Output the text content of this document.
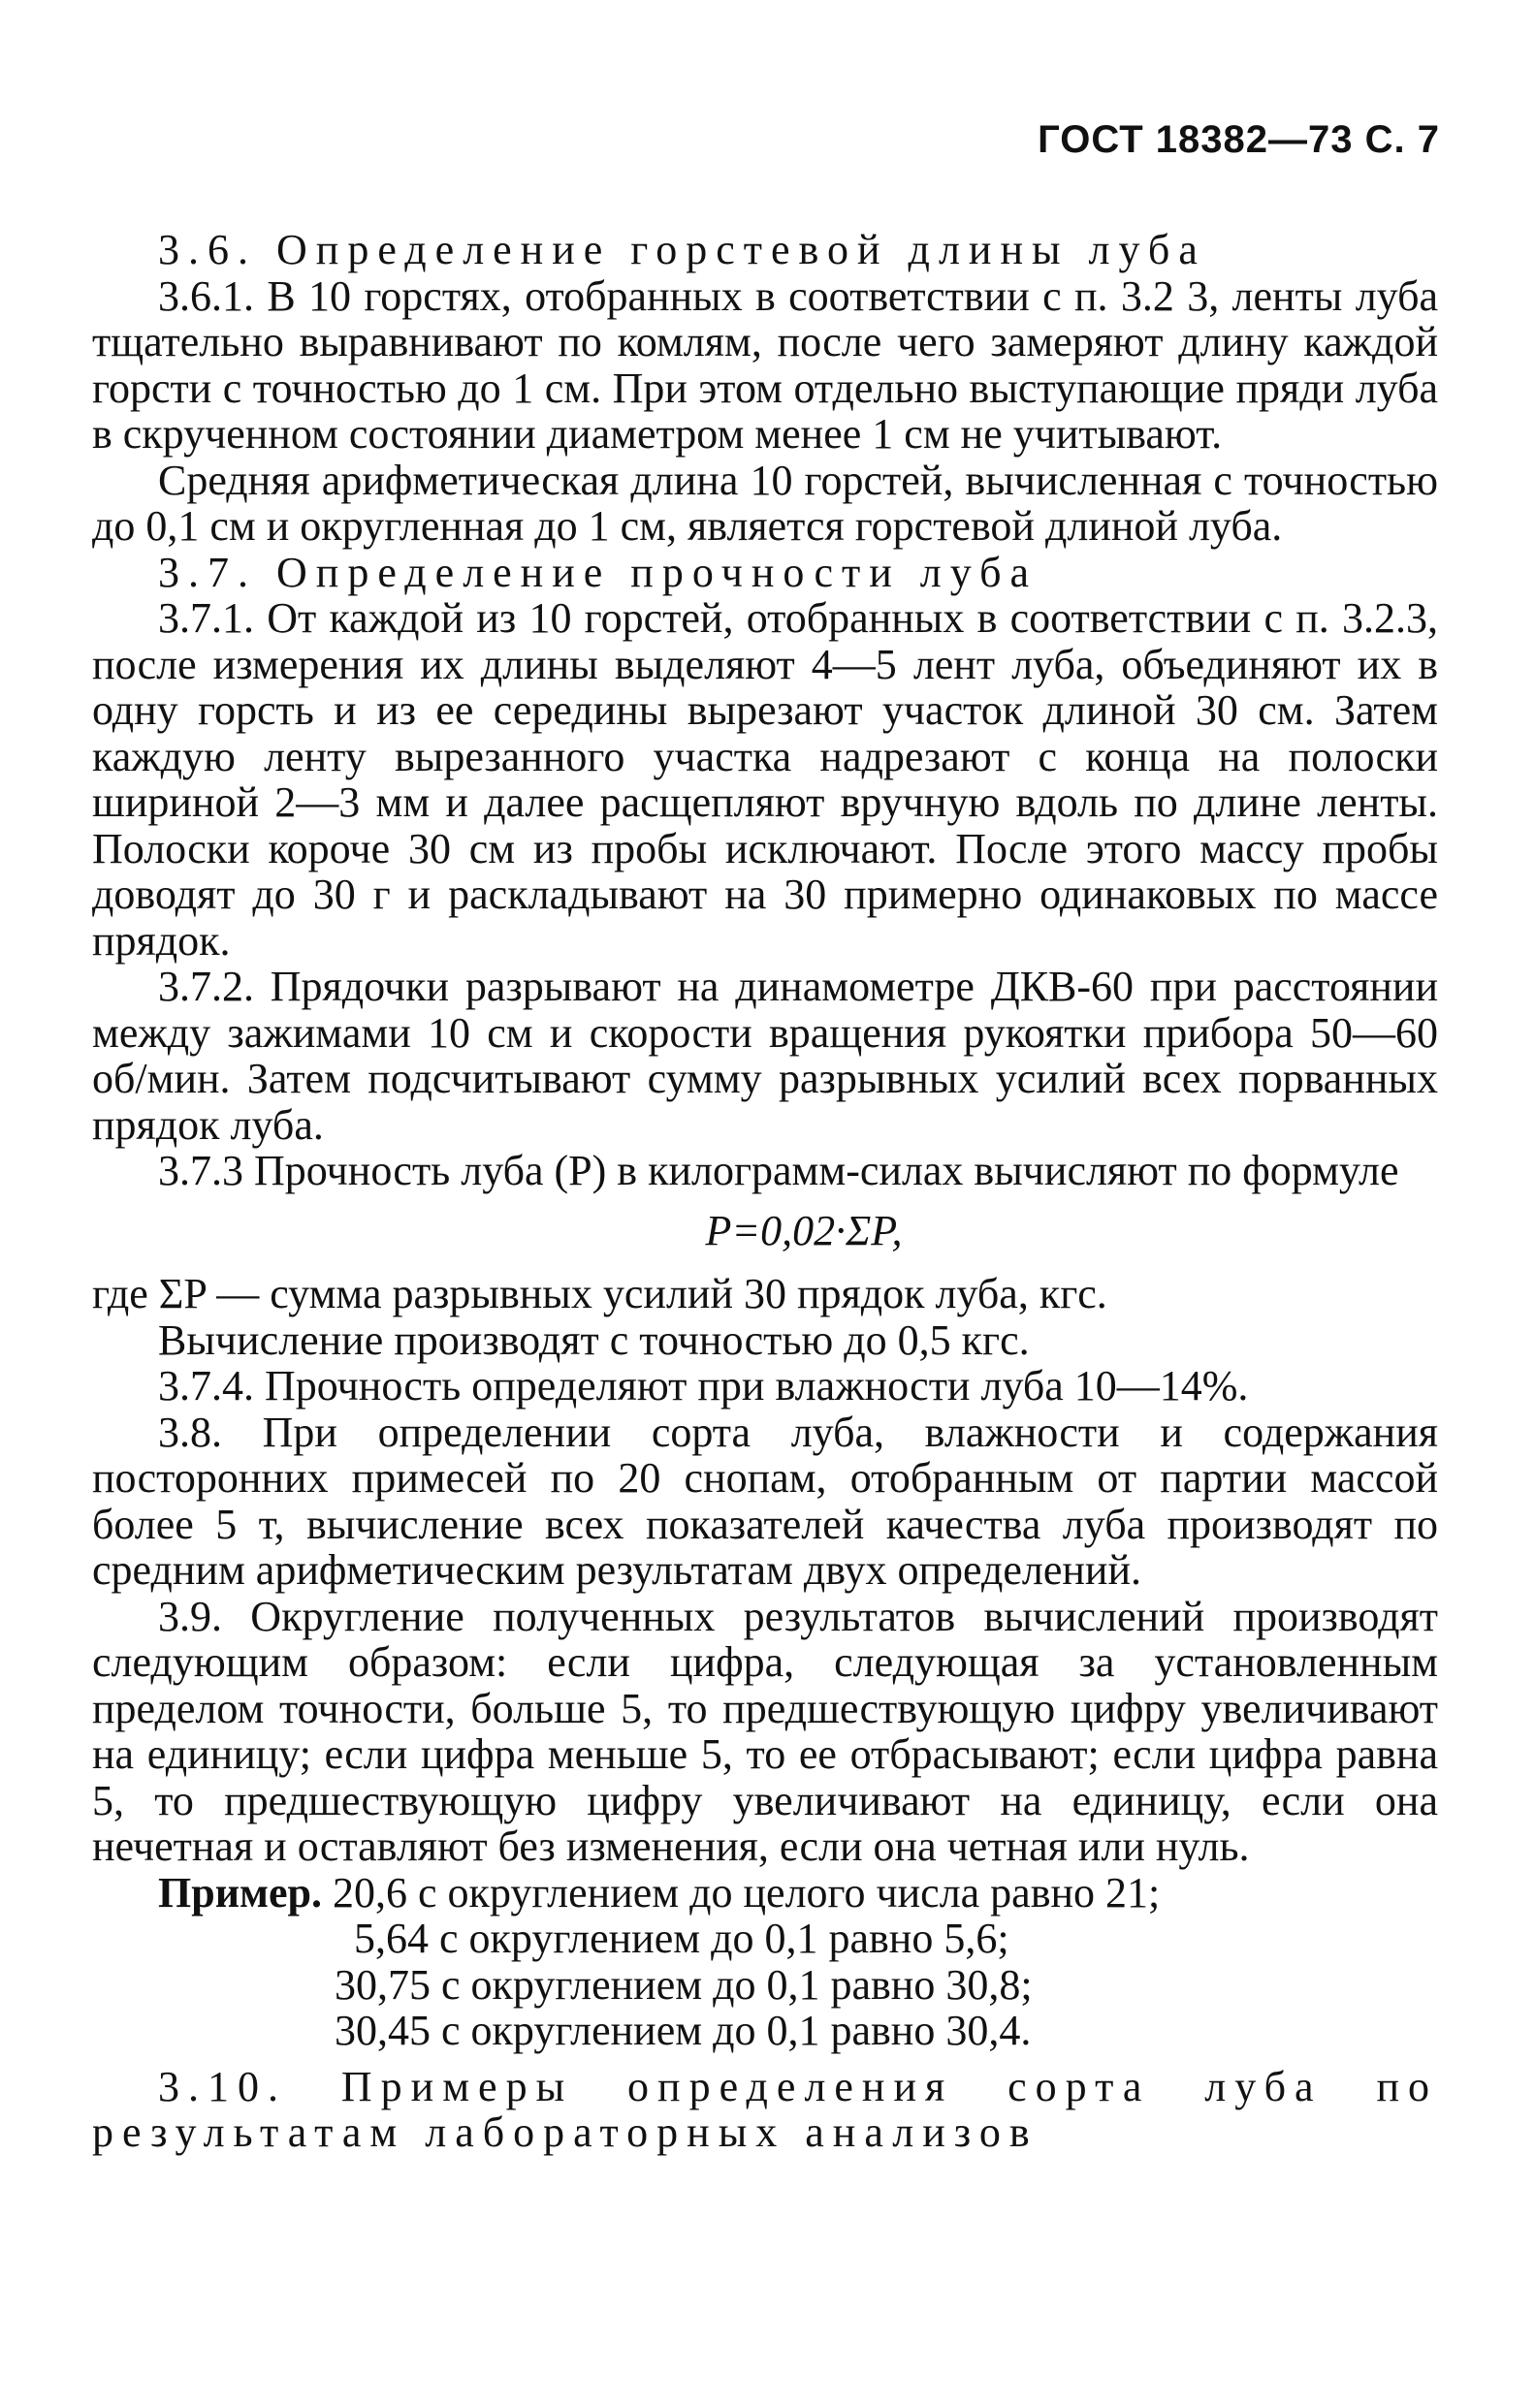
ГОСТ 18382—73 С. 7

3.6. Определение горстевой длины луба

3.6.1. В 10 горстях, отобранных в соответствии с п. 3.2 3, ленты луба тщательно выравнивают по комлям, после чего замеряют длину каждой горсти с точностью до 1 см. При этом отдельно выступающие пряди луба в скрученном состоянии диаметром менее 1 см не учитывают.

Средняя арифметическая длина 10 горстей, вычисленная с точностью до 0,1 см и округленная до 1 см, является горстевой длиной луба.

3.7. Определение прочности луба

3.7.1. От каждой из 10 горстей, отобранных в соответствии с п. 3.2.3, после измерения их длины выделяют 4—5 лент луба, объединяют их в одну горсть и из ее середины вырезают участок длиной 30 см. Затем каждую ленту вырезанного участка надрезают с конца на полоски шириной 2—3 мм и далее расщепляют вручную вдоль по длине ленты. Полоски короче 30 см из пробы исключают. После этого массу пробы доводят до 30 г и раскладывают на 30 примерно одинаковых по массе прядок.

3.7.2. Прядочки разрывают на динамометре ДКВ-60 при расстоянии между зажимами 10 см и скорости вращения рукоятки прибора 50—60 об/мин. Затем подсчитывают сумму разрывных усилий всех порванных прядок луба.

3.7.3 Прочность луба (P) в килограмм-силах вычисляют по формуле

P=0,02·ΣP,

где ΣP — сумма разрывных усилий 30 прядок луба, кгс.

Вычисление производят с точностью до 0,5 кгс.

3.7.4. Прочность определяют при влажности луба 10—14%.

3.8. При определении сорта луба, влажности и содержания посторонних примесей по 20 снопам, отобранным от партии массой более 5 т, вычисление всех показателей качества луба производят по средним арифметическим результатам двух определений.

3.9. Округление полученных результатов вычислений производят следующим образом: если цифра, следующая за установленным пределом точности, больше 5, то предшествующую цифру увеличивают на единицу; если цифра меньше 5, то ее отбрасывают; если цифра равна 5, то предшествующую цифру увеличивают на единицу, если она нечетная и оставляют без изменения, если она четная или нуль.

Пример. 20,6 с округлением до целого числа равно 21;

5,64 с округлением до 0,1 равно 5,6;

30,75 с округлением до 0,1 равно 30,8;

30,45 с округлением до 0,1 равно 30,4.

3.10. Примеры определения сорта луба по результатам лабораторных анализов
